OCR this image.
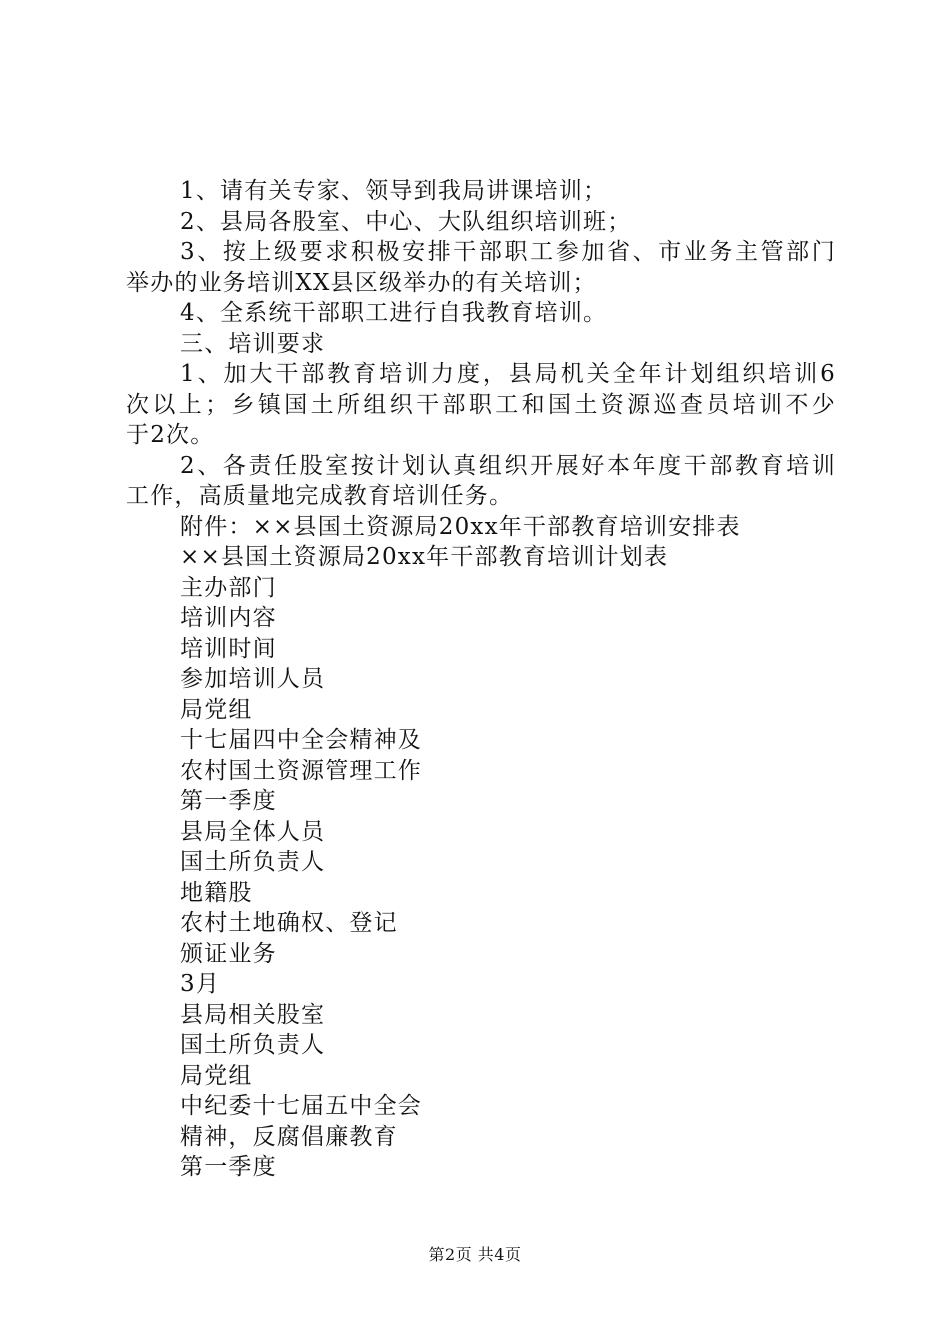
1、请有关专家、领导到我局讲课培训；
2、县局各股室、中心、大队组织培训班；
3、按上级要求积极安排干部职工参加省、市业务主管部门
举办的业务培训XX县区级举办的有关培训；
4、全系统干部职工进行自我教育培训。
三、培训要求
1、加大干部教育培训力度，县局机关全年计划组织培训6
次以上；乡镇国土所组织干部职工和国土资源巡查员培训不少
于2次。
2、各责任股室按计划认真组织开展好本年度干部教育培训
工作，高质量地完成教育培训任务。
附件：××县国土资源局20xx年干部教育培训安排表
××县国土资源局20xx年干部教育培训计划表
主办部门
培训内容
培训时间
参加培训人员
局党组
十七届四中全会精神及
农村国土资源管理工作
第一季度
县局全体人员
国土所负责人
地籍股
农村土地确权、登记
颁证业务
3月
县局相关股室
国土所负责人
局党组
中纪委十七届五中全会
精神，反腐倡廉教育
第一季度
第2页 共4页
